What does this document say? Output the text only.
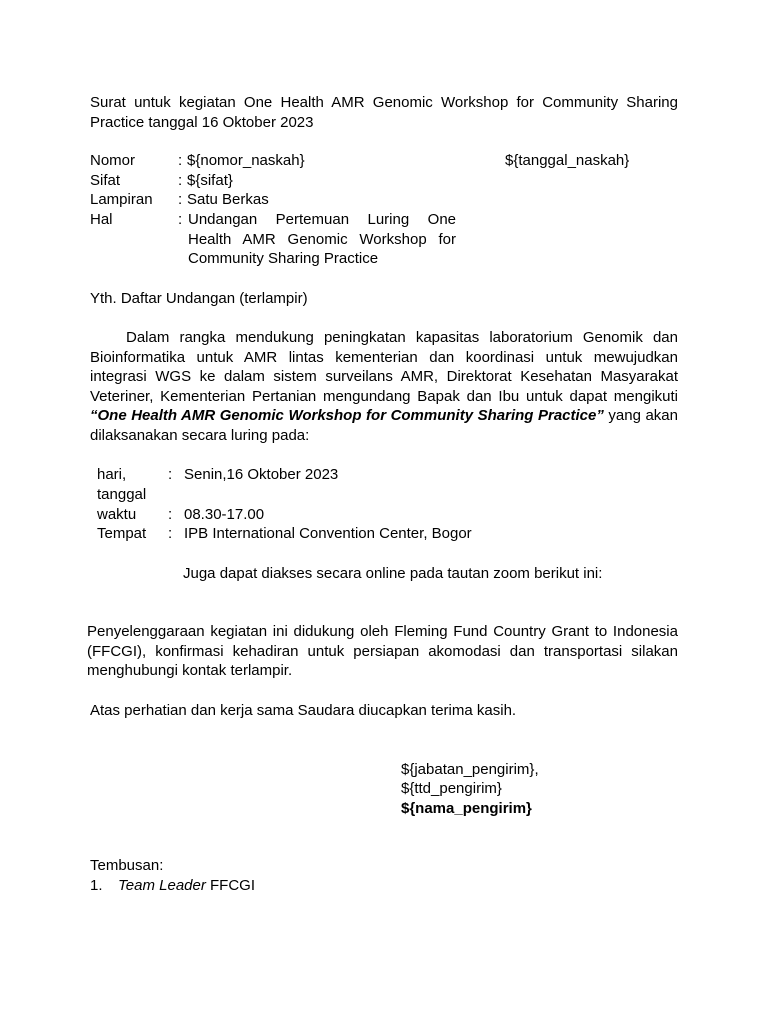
Surat untuk kegiatan One Health AMR Genomic Workshop for Community Sharing Practice tanggal 16 Oktober 2023
Nomor	: ${nomor_naskah}
Sifat	: ${sifat}
Lampiran	: Satu Berkas
Hal	: Undangan Pertemuan Luring One Health AMR Genomic Workshop for Community Sharing Practice
${tanggal_naskah}
Yth. Daftar Undangan (terlampir)
Dalam rangka mendukung peningkatan kapasitas laboratorium Genomik dan Bioinformatika untuk AMR lintas kementerian dan koordinasi untuk mewujudkan integrasi WGS ke dalam sistem surveilans AMR, Direktorat Kesehatan Masyarakat Veteriner, Kementerian Pertanian mengundang Bapak dan Ibu untuk dapat mengikuti “One Health AMR Genomic Workshop for Community Sharing Practice” yang akan dilaksanakan secara luring pada:
hari,
tanggal
: Senin,16 Oktober 2023
waktu : 08.30-17.00
Tempat : IPB International Convention Center, Bogor
Juga dapat diakses secara online pada tautan zoom berikut ini:
Penyelenggaraan kegiatan ini didukung oleh Fleming Fund Country Grant to Indonesia (FFCGI), konfirmasi kehadiran untuk persiapan akomodasi dan transportasi silakan menghubungi kontak terlampir.
Atas perhatian dan kerja sama Saudara diucapkan terima kasih.
${jabatan_pengirim},
${ttd_pengirim}
${nama_pengirim}
Tembusan:
1. Team Leader FFCGI
